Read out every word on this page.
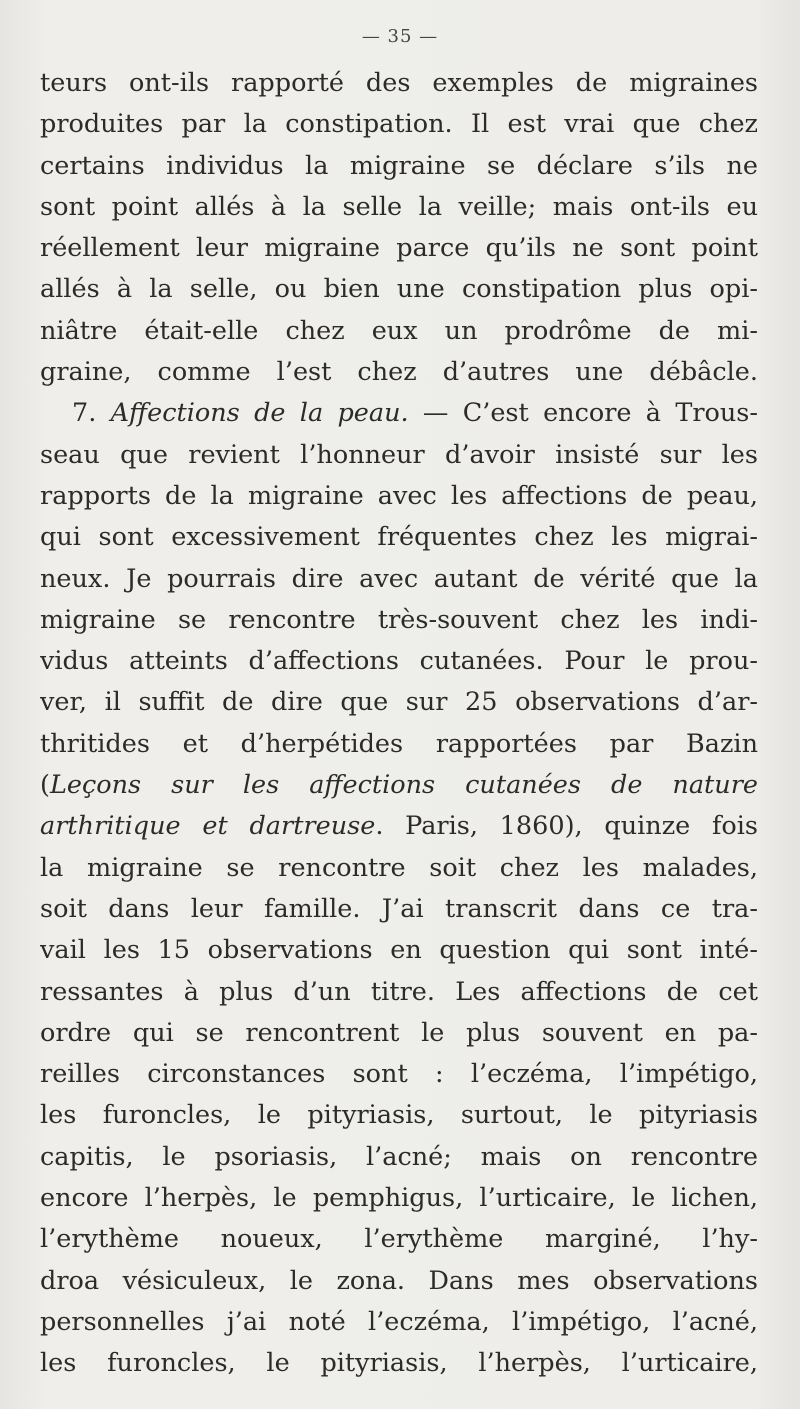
— 35 —
teurs ont-ils rapporté des exemples de migraines
produites par la constipation. Il est vrai que chez
certains individus la migraine se déclare s’ils ne
sont point allés à la selle la veille; mais ont-ils eu
réellement leur migraine parce qu’ils ne sont point
allés à la selle, ou bien une constipation plus opi-
niâtre était-elle chez eux un prodrôme de mi-
graine, comme l’est chez d’autres une débâcle.
7. Affections de la peau. — C’est encore à Trous-
seau que revient l’honneur d’avoir insisté sur les
rapports de la migraine avec les affections de peau,
qui sont excessivement fréquentes chez les migrai-
neux. Je pourrais dire avec autant de vérité que la
migraine se rencontre très-souvent chez les indi-
vidus atteints d’affections cutanées. Pour le prou-
ver, il suffit de dire que sur 25 observations d’ar-
thritides et d’herpétides rapportées par Bazin
(Leçons sur les affections cutanées de nature
arthritique et dartreuse. Paris, 1860), quinze fois
la migraine se rencontre soit chez les malades,
soit dans leur famille. J’ai transcrit dans ce tra-
vail les 15 observations en question qui sont inté-
ressantes à plus d’un titre. Les affections de cet
ordre qui se rencontrent le plus souvent en pa-
reilles circonstances sont : l’eczéma, l’impétigo,
les furoncles, le pityriasis, surtout, le pityriasis
capitis, le psoriasis, l’acné; mais on rencontre
encore l’herpès, le pemphigus, l’urticaire, le lichen,
l’erythème noueux, l’erythème marginé, l’hy-
droa vésiculeux, le zona. Dans mes observations
personnelles j’ai noté l’eczéma, l’impétigo, l’acné,
les furoncles, le pityriasis, l’herpès, l’urticaire,
